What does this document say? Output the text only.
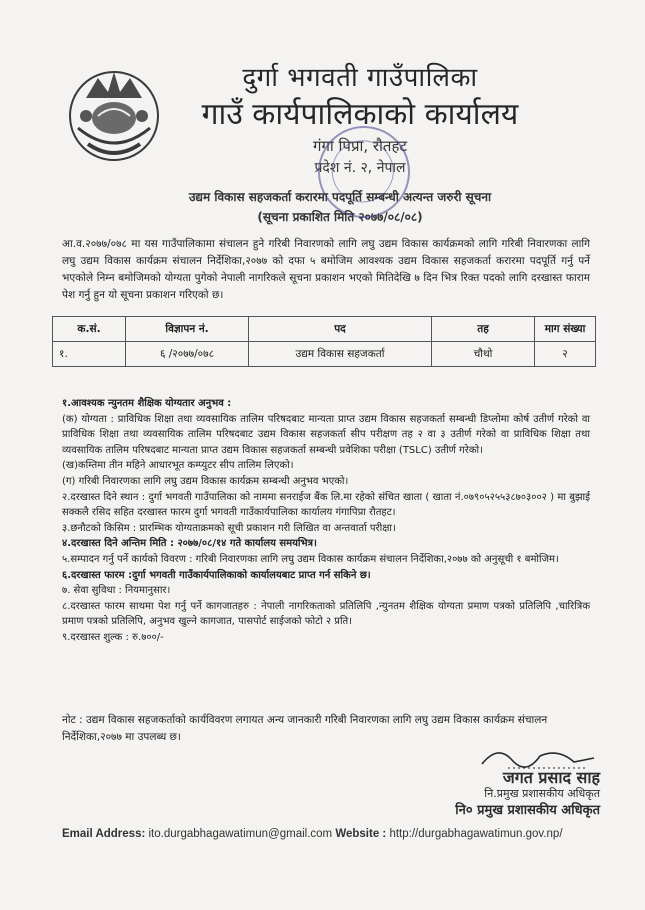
दुर्गा भगवती गाउँपालिका
गाउँ कार्यपालिकाको कार्यालय
गंगा पिप्रा, रौतहट
प्रदेश नं. २, नेपाल
उद्यम विकास सहजकर्ता करारमा पदपूर्ति सम्बन्धी अत्यन्त जरुरी सूचना
(सूचना प्रकाशित मिति २०७७/०८/०८)
आ.व.२०७७/०७८ मा यस गाउँपालिकामा संचालन हुने गरिबी निवारणको लागि लघु उद्यम विकास कार्यक्रमको लागि गरिबी निवारणका लागि लघु उद्यम विकास कार्यक्रम संचालन निर्देशिका,२०७७ को दफा ५ बमोजिम आवश्यक उद्यम विकास सहजकर्ता करारमा पदपूर्ति गर्नु पर्ने भएकोले निम्न बमोजिमको योग्यता पुगेको नेपाली नागरिकले सूचना प्रकाशन भएको मितिदेखि ७ दिन भित्र रिक्त पदको लागि दरखास्त फाराम पेश गर्नु हुन यो सूचना प्रकाशन गरिएको छ।
क.सं.	विज्ञापन नं.	पद	तह	माग संख्या
१.	६ /२०७७/०७८	उद्यम विकास सहजकर्ता	चौथो	२

१.आवश्यक न्युनतम शैक्षिक योग्यतार अनुभव :

(क) योग्यता : प्राविधिक शिक्षा तथा व्यवसायिक तालिम परिषदबाट मान्यता प्राप्त उद्यम विकास सहजकर्ता सम्बन्धी डिप्लोमा कोर्ष उतीर्ण गरेको वा प्राविधिक शिक्षा तथा व्यवसायिक तालिम परिषदबाट उद्यम विकास सहजकर्ता सीप परीक्षण तह २ वा ३ उतीर्ण गरेको वा प्राविधिक शिक्षा तथा व्यवसायिक तालिम परिषदबाट मान्यता प्राप्त उद्यम विकास सहजकर्ता सम्बन्धी प्रवेशिका परीक्षा (TSLC) उतीर्ण गरेको।

(ख)कम्तिमा तीन महिने आधारभूत कम्प्युटर सीप तालिम लिएको।

(ग) गरिबी निवारणका लागि लघु उद्यम विकास कार्यक्रम सम्बन्धी अनुभव भएको।

२.दरखास्त दिने स्थान : दुर्गा भगवती गाउँपालिका को नाममा सनराईज बैंक लि.मा रहेको संचित खाता ( खाता नं.०७९०५२५५३८७०३००२ ) मा बुझाई सक्कलै रसिद सहित दरखास्त फारम दुर्गा भगवती गाउँकार्यपालिका कार्यालय गंगापिप्रा रौतहट।

३.छनौटको किसिम : प्रारम्भिक योग्यताक्रमको सूची प्रकाशन गरी लिखित वा अन्तवार्ता परीक्षा।

४.दरखास्त दिने अन्तिम मिति : २०७७/०८/१४ गते कार्यालय समयभित्र।

५.सम्पादन गर्नु पर्ने कार्यको विवरण : गरिबी निवारणका लागि लघु उद्यम विकास कार्यक्रम संचालन निर्देशिका,२०७७ को अनुसूची १ बमोजिम।

६.दरखास्त फारम :दुर्गा भगवती गाउँकार्यपालिकाको कार्यालयबाट प्राप्त गर्न सकिने छ।

७. सेवा सुविधा : नियमानुसार।

८.दरखास्त फारम साथमा पेश गर्नु पर्ने कागजातहरु : नेपाली नागरिकताको प्रतिलिपि ,न्युनतम शैक्षिक योग्यता प्रमाण पत्रको प्रतिलिपि ,चारित्रिक प्रमाण पत्रको प्रतिलिपि, अनुभव खुल्ने कागजात, पासपोर्ट साईजको फोटो २ प्रति।

९.दरखास्त शुल्क : रु.७००/-

नोट : उद्यम विकास सहजकर्ताको कार्यविवरण लगायत अन्य जानकारी गरिबी निवारणका लागि लघु उद्यम विकास कार्यक्रम संचालन निर्देशिका,२०७७ मा उपलब्ध छ।
जगत प्रसाद साह
नि.प्रमुख प्रशासकीय अधिकृत
नि० प्रमुख प्रशासकीय अधिकृत
Email Address: ito.durgabhagawatimun@gmail.com Website : http://durgabhagawatimun.gov.np/
